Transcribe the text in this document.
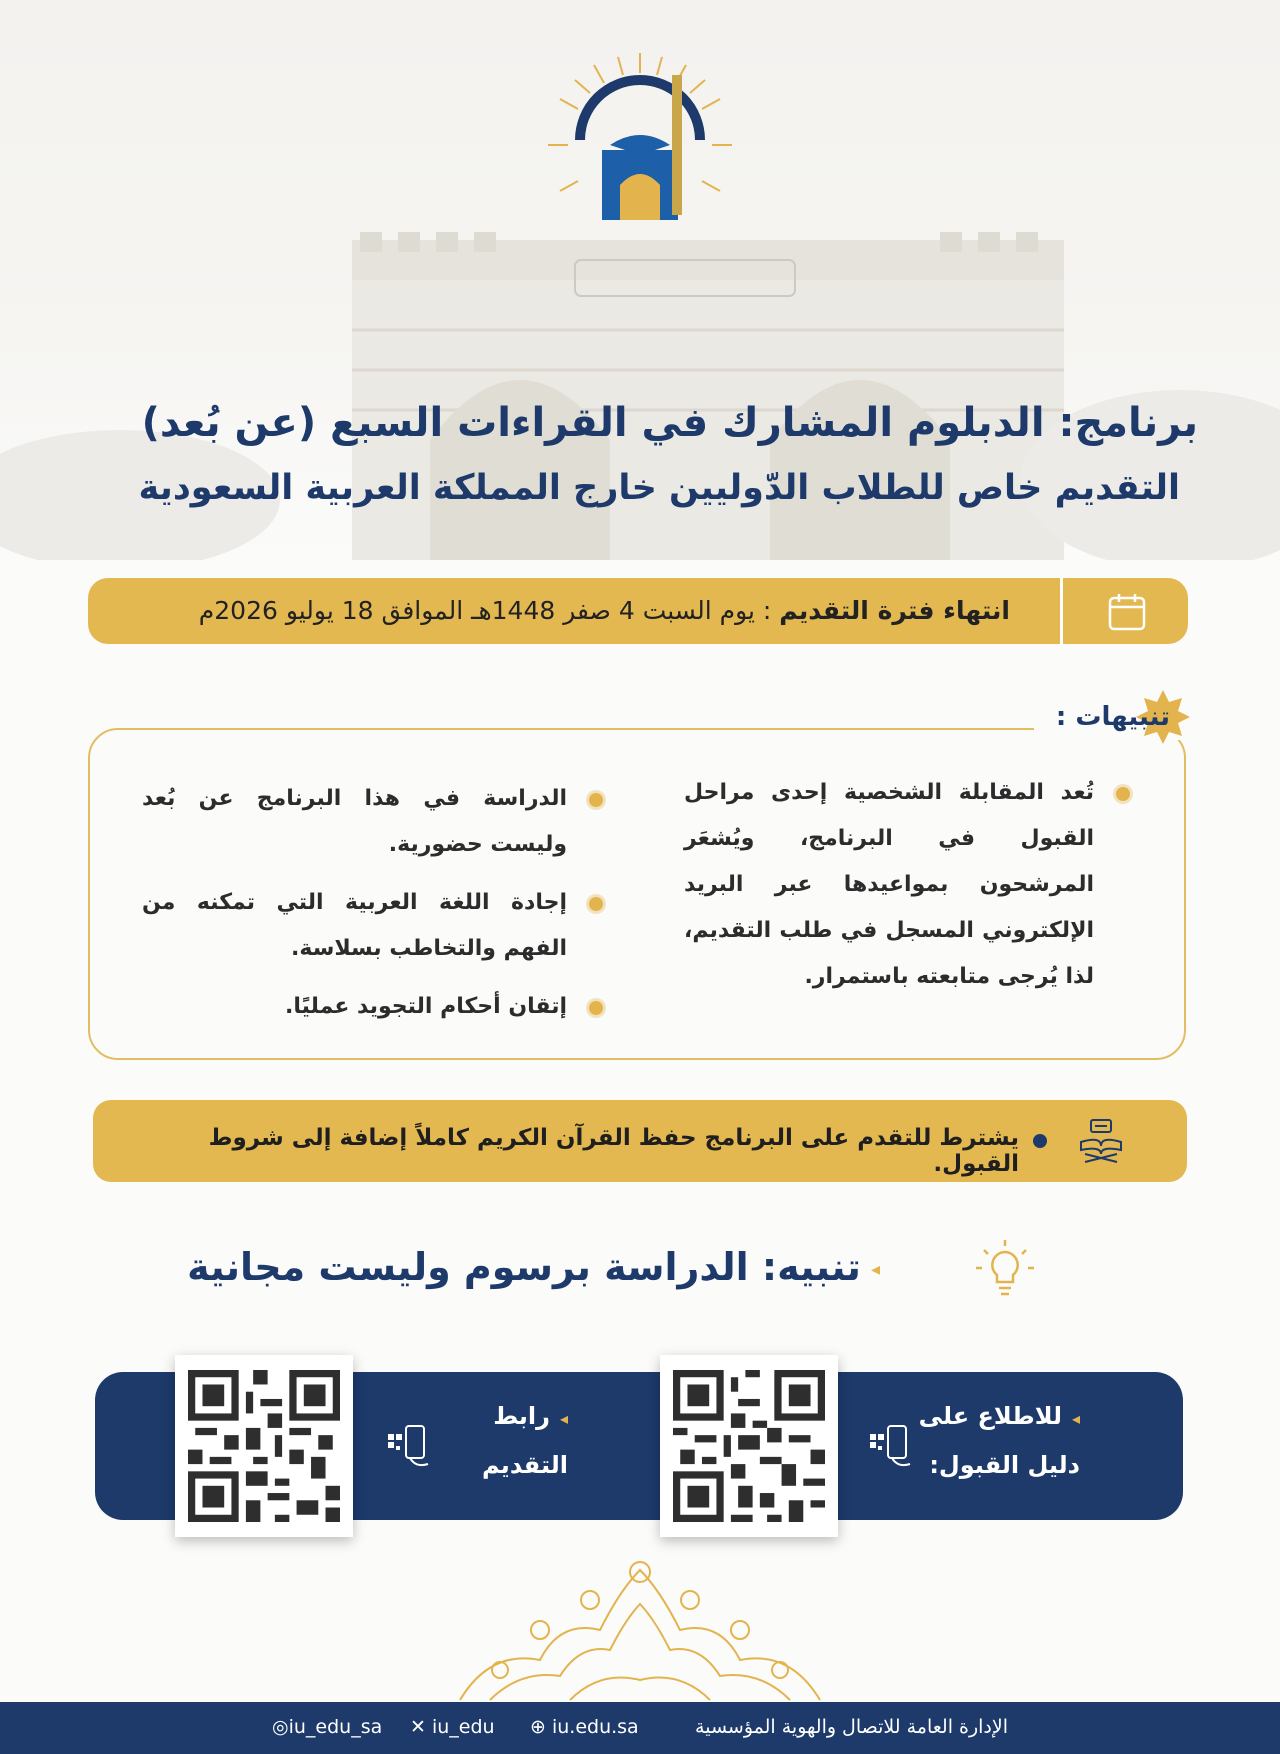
برنامج: الدبلوم المشارك في القراءات السبع (عن بُعد)
التقديم خاص للطلاب الدّوليين خارج المملكة العربية السعودية
انتهاء فترة التقديم : يوم السبت 4 صفر 1448هـ الموافق 18 يوليو 2026م
تنبيهات :
تُعد المقابلة الشخصية إحدى مراحل القبول في البرنامج، ويُشعَر المرشحون بمواعيدها عبر البريد الإلكتروني المسجل في طلب التقديم، لذا يُرجى متابعته باستمرار.
الدراسة في هذا البرنامج عن بُعد وليست حضورية.
إجادة اللغة العربية التي تمكنه من الفهم والتخاطب بسلاسة.
إتقان أحكام التجويد عمليًا.
يشترط للتقدم على البرنامج حفظ القرآن الكريم كاملاً إضافة إلى شروط القبول.
◂تنبيه: الدراسة برسوم وليست مجانية
◂للاطلاع على
دليل القبول:
◂رابط
التقديم
الإدارة العامة للاتصال والهوية المؤسسية
⊕ iu.edu.sa
✕ iu_edu
◎iu_edu_sa
